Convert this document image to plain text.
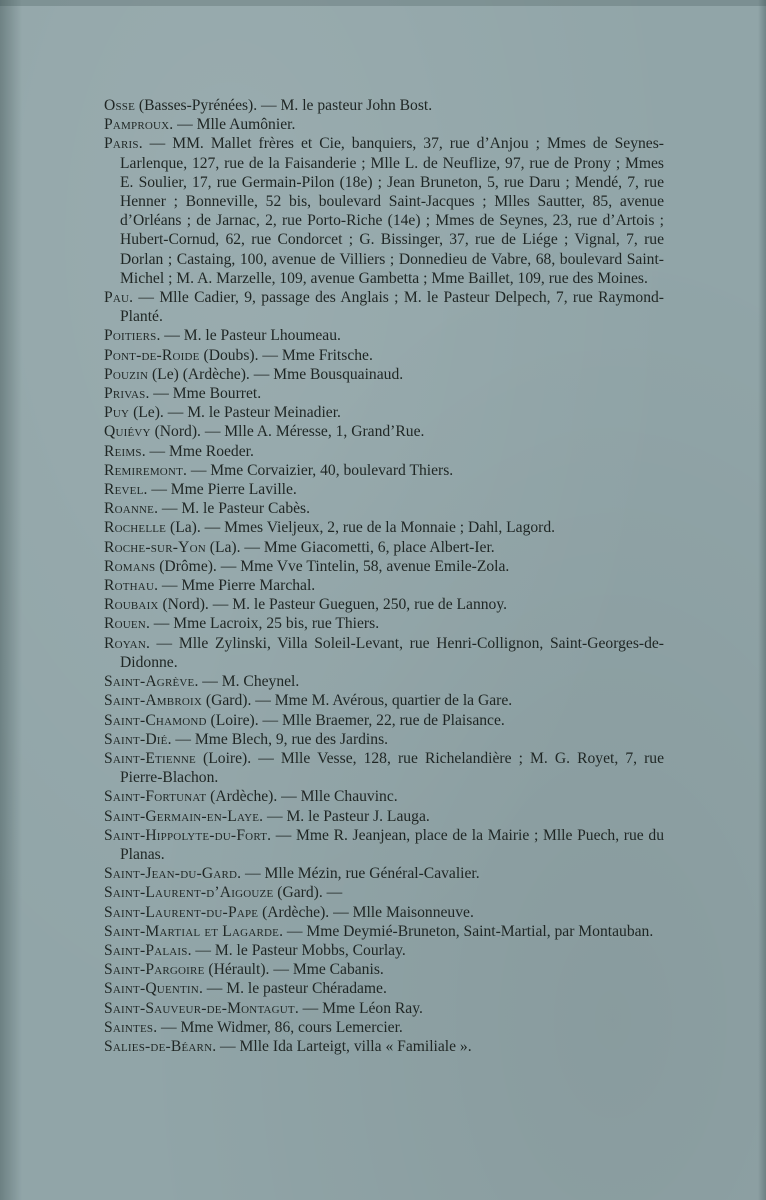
Osse (Basses-Pyrénées). — M. le pasteur John Bost.

Pamproux. — Mlle Aumônier.

Paris. — MM. Mallet frères et Cie, banquiers, 37, rue d’Anjou ; Mmes de Seynes-Larlenque, 127, rue de la Faisanderie ; Mlle L. de Neuflize, 97, rue de Prony ; Mmes E. Soulier, 17, rue Germain-Pilon (18e) ; Jean Bruneton, 5, rue Daru ; Mendé, 7, rue Henner ; Bonneville, 52 bis, boulevard Saint-Jacques ; Mlles Sautter, 85, avenue d’Orléans ; de Jarnac, 2, rue Porto-Riche (14e) ; Mmes de Seynes, 23, rue d’Artois ; Hubert-Cornud, 62, rue Condorcet ; G. Bissinger, 37, rue de Liége ; Vignal, 7, rue Dorlan ; Castaing, 100, avenue de Villiers ; Donnedieu de Vabre, 68, boulevard Saint-Michel ; M. A. Marzelle, 109, avenue Gambetta ; Mme Baillet, 109, rue des Moines.

Pau. — Mlle Cadier, 9, passage des Anglais ; M. le Pasteur Delpech, 7, rue Raymond-Planté.

Poitiers. — M. le Pasteur Lhoumeau.

Pont-de-Roide (Doubs). — Mme Fritsche.

Pouzin (Le) (Ardèche). — Mme Bousquainaud.

Privas. — Mme Bourret.

Puy (Le). — M. le Pasteur Meinadier.

Quiévy (Nord). — Mlle A. Méresse, 1, Grand’Rue.

Reims. — Mme Roeder.

Remiremont. — Mme Corvaizier, 40, boulevard Thiers.

Revel. — Mme Pierre Laville.

Roanne. — M. le Pasteur Cabès.

Rochelle (La). — Mmes Vieljeux, 2, rue de la Monnaie ; Dahl, Lagord.

Roche-sur-Yon (La). — Mme Giacometti, 6, place Albert-Ier.

Romans (Drôme). — Mme Vve Tintelin, 58, avenue Emile-Zola.

Rothau. — Mme Pierre Marchal.

Roubaix (Nord). — M. le Pasteur Gueguen, 250, rue de Lannoy.

Rouen. — Mme Lacroix, 25 bis, rue Thiers.

Royan. — Mlle Zylinski, Villa Soleil-Levant, rue Henri-Collignon, Saint-Georges-de-Didonne.

Saint-Agrève. — M. Cheynel.

Saint-Ambroix (Gard). — Mme M. Avérous, quartier de la Gare.

Saint-Chamond (Loire). — Mlle Braemer, 22, rue de Plaisance.

Saint-Dié. — Mme Blech, 9, rue des Jardins.

Saint-Etienne (Loire). — Mlle Vesse, 128, rue Richelandière ; M. G. Royet, 7, rue Pierre-Blachon.

Saint-Fortunat (Ardèche). — Mlle Chauvinc.

Saint-Germain-en-Laye. — M. le Pasteur J. Lauga.

Saint-Hippolyte-du-Fort. — Mme R. Jeanjean, place de la Mairie ; Mlle Puech, rue du Planas.

Saint-Jean-du-Gard. — Mlle Mézin, rue Général-Cavalier.

Saint-Laurent-d’Aigouze (Gard). —

Saint-Laurent-du-Pape (Ardèche). — Mlle Maisonneuve.

Saint-Martial et Lagarde. — Mme Deymié-Bruneton, Saint-Martial, par Montauban.

Saint-Palais. — M. le Pasteur Mobbs, Courlay.

Saint-Pargoire (Hérault). — Mme Cabanis.

Saint-Quentin. — M. le pasteur Chéradame.

Saint-Sauveur-de-Montagut. — Mme Léon Ray.

Saintes. — Mme Widmer, 86, cours Lemercier.

Salies-de-Béarn. — Mlle Ida Larteigt, villa « Familiale ».
